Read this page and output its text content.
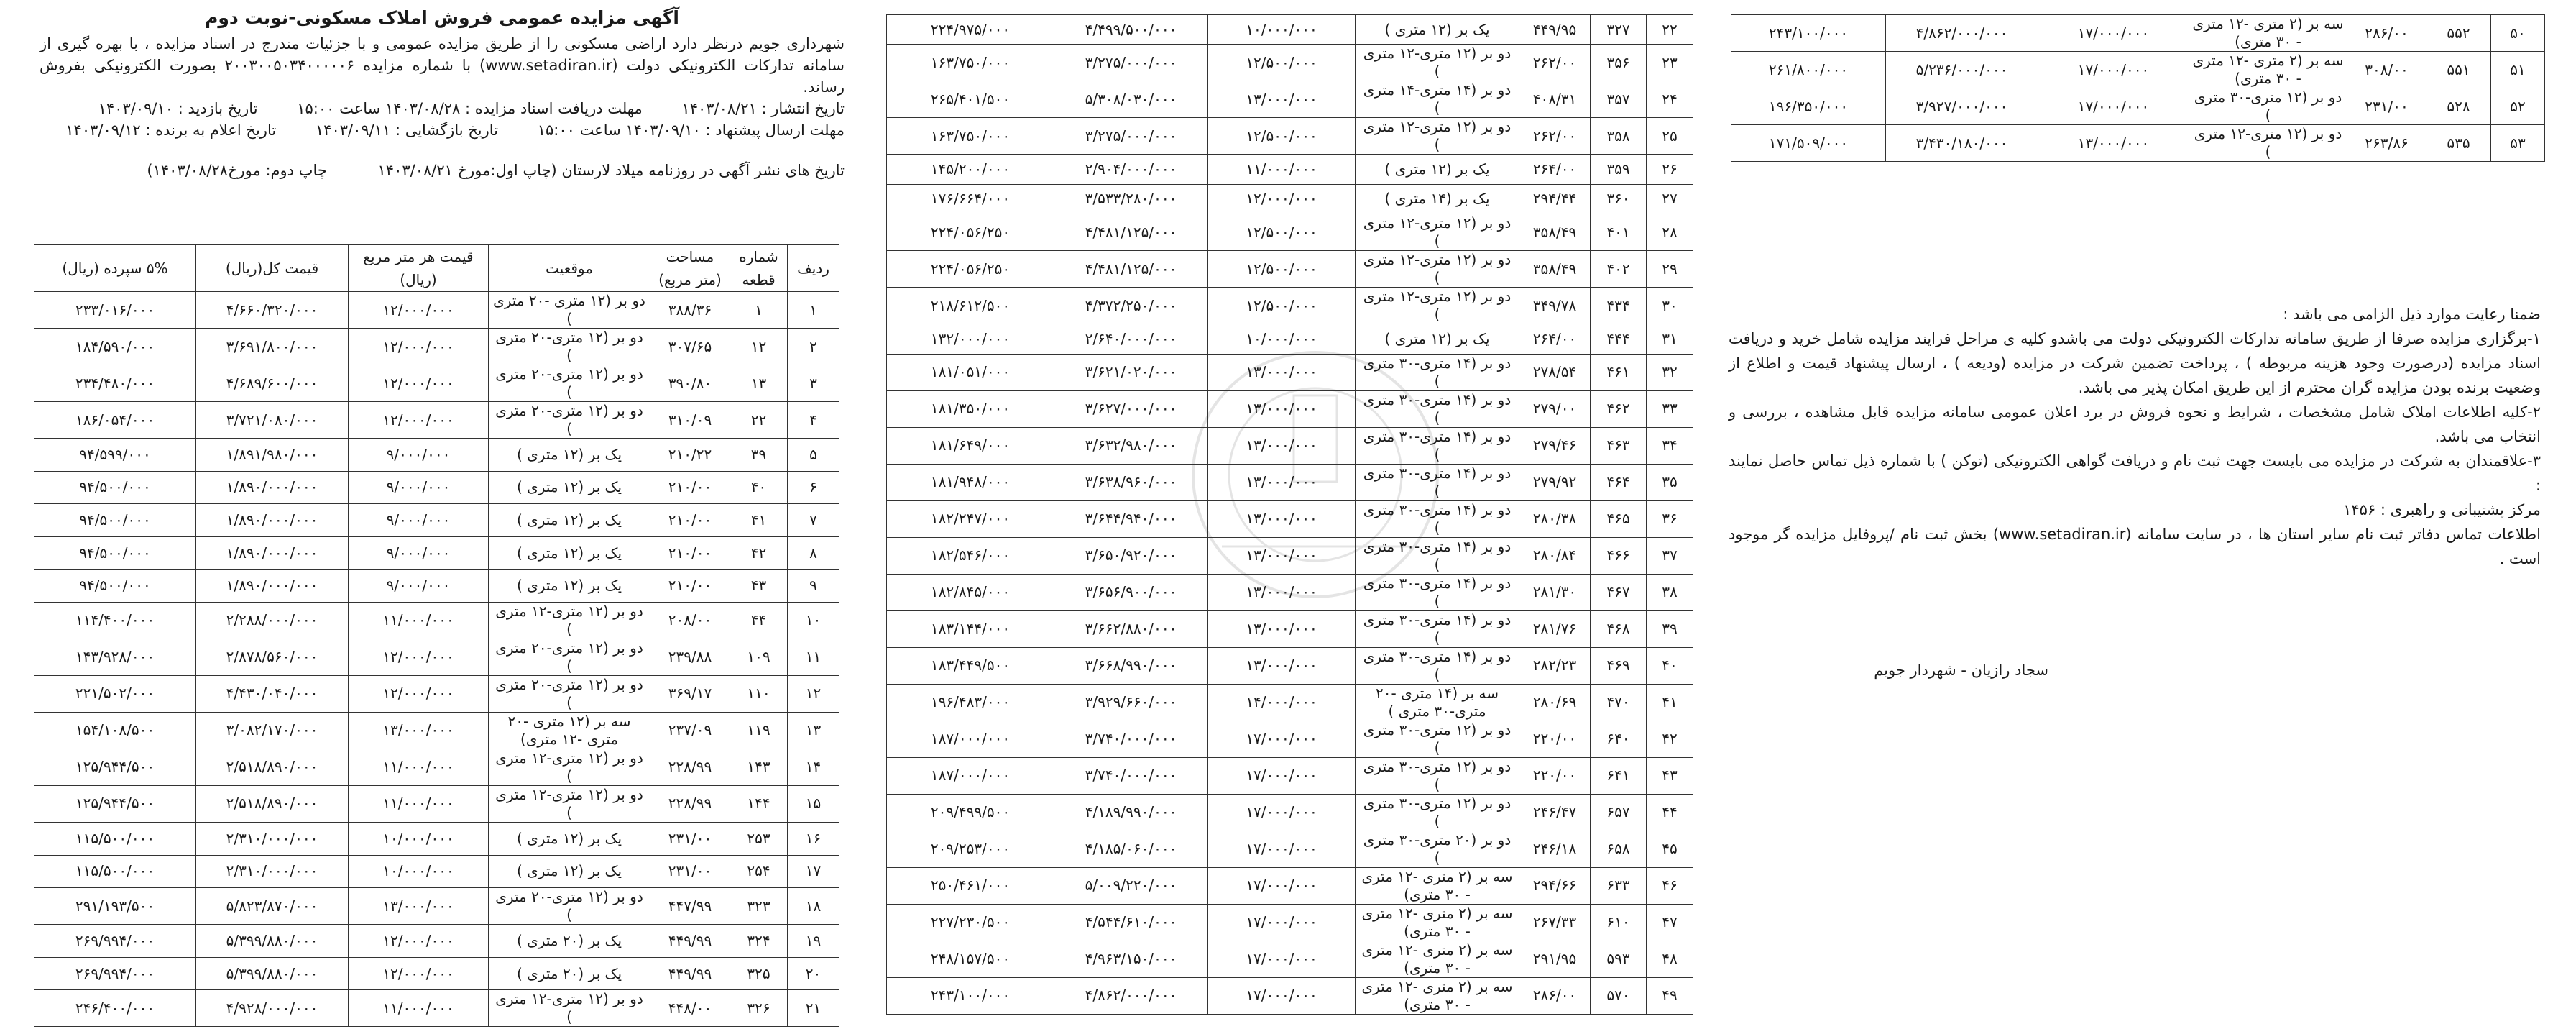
آگهی مزایده عمومی فروش املاک مسکونی-نوبت دوم
شهرداری جویم درنظر دارد اراضی مسکونی را از طریق مزایده عمومی و با جزئیات مندرج در اسناد مزایده ، با بهره گیری از سامانه تدارکات الکترونیکی دولت (www.setadiran.ir) با شماره مزایده ۲۰۰۳۰۰۵۰۳۴۰۰۰۰۰۶ بصورت الکترونیکی بفروش رساند.
تاریخ انتشار : ۱۴۰۳/۰۸/۲۱ مهلت دریافت اسناد مزایده : ۱۴۰۳/۰۸/۲۸ ساعت ۱۵:۰۰ تاریخ بازدید : ۱۴۰۳/۰۹/۱۰
مهلت ارسال پیشنهاد : ۱۴۰۳/۰۹/۱۰ ساعت ۱۵:۰۰ تاریخ بازگشایی : ۱۴۰۳/۰۹/۱۱ تاریخ اعلام به برنده : ۱۴۰۳/۰۹/۱۲
تاریخ های نشر آگهی در روزنامه میلاد لارستان (چاپ اول:مورخ ۱۴۰۳/۰۸/۲۱ چاپ دوم: مورخ۱۴۰۳/۰۸/۲۸)
ردیف	شماره قطعه	مساحت (متر مربع)	موقعیت	قیمت هر متر مربع (ریال)	قیمت کل(ریال)	۵% سپرده (ریال)
۱	۱	۳۸۸/۳۶	دو بر (۱۲ متری -۲۰ متری )	۱۲/۰۰۰/۰۰۰	۴/۶۶۰/۳۲۰/۰۰۰	۲۳۳/۰۱۶/۰۰۰
۲	۱۲	۳۰۷/۶۵	دو بر (۱۲ متری-۲۰ متری )	۱۲/۰۰۰/۰۰۰	۳/۶۹۱/۸۰۰/۰۰۰	۱۸۴/۵۹۰/۰۰۰
۳	۱۳	۳۹۰/۸۰	دو بر (۱۲ متری-۲۰ متری )	۱۲/۰۰۰/۰۰۰	۴/۶۸۹/۶۰۰/۰۰۰	۲۳۴/۴۸۰/۰۰۰
۴	۲۲	۳۱۰/۰۹	دو بر (۱۲ متری-۲۰ متری )	۱۲/۰۰۰/۰۰۰	۳/۷۲۱/۰۸۰/۰۰۰	۱۸۶/۰۵۴/۰۰۰
۵	۳۹	۲۱۰/۲۲	یک بر (۱۲ متری )	۹/۰۰۰/۰۰۰	۱/۸۹۱/۹۸۰/۰۰۰	۹۴/۵۹۹/۰۰۰
۶	۴۰	۲۱۰/۰۰	یک بر (۱۲ متری )	۹/۰۰۰/۰۰۰	۱/۸۹۰/۰۰۰/۰۰۰	۹۴/۵۰۰/۰۰۰
۷	۴۱	۲۱۰/۰۰	یک بر (۱۲ متری )	۹/۰۰۰/۰۰۰	۱/۸۹۰/۰۰۰/۰۰۰	۹۴/۵۰۰/۰۰۰
۸	۴۲	۲۱۰/۰۰	یک بر (۱۲ متری )	۹/۰۰۰/۰۰۰	۱/۸۹۰/۰۰۰/۰۰۰	۹۴/۵۰۰/۰۰۰
۹	۴۳	۲۱۰/۰۰	یک بر (۱۲ متری )	۹/۰۰۰/۰۰۰	۱/۸۹۰/۰۰۰/۰۰۰	۹۴/۵۰۰/۰۰۰
۱۰	۴۴	۲۰۸/۰۰	دو بر (۱۲ متری-۱۲ متری )	۱۱/۰۰۰/۰۰۰	۲/۲۸۸/۰۰۰/۰۰۰	۱۱۴/۴۰۰/۰۰۰
۱۱	۱۰۹	۲۳۹/۸۸	دو بر (۱۲ متری-۲۰ متری )	۱۲/۰۰۰/۰۰۰	۲/۸۷۸/۵۶۰/۰۰۰	۱۴۳/۹۲۸/۰۰۰
۱۲	۱۱۰	۳۶۹/۱۷	دو بر (۱۲ متری-۲۰ متری )	۱۲/۰۰۰/۰۰۰	۴/۴۳۰/۰۴۰/۰۰۰	۲۲۱/۵۰۲/۰۰۰
۱۳	۱۱۹	۲۳۷/۰۹	سه بر (۱۲ متری -۲۰ متری -۱۲ متری)	۱۳/۰۰۰/۰۰۰	۳/۰۸۲/۱۷۰/۰۰۰	۱۵۴/۱۰۸/۵۰۰
۱۴	۱۴۳	۲۲۸/۹۹	دو بر (۱۲ متری-۱۲ متری )	۱۱/۰۰۰/۰۰۰	۲/۵۱۸/۸۹۰/۰۰۰	۱۲۵/۹۴۴/۵۰۰
۱۵	۱۴۴	۲۲۸/۹۹	دو بر (۱۲ متری-۱۲ متری )	۱۱/۰۰۰/۰۰۰	۲/۵۱۸/۸۹۰/۰۰۰	۱۲۵/۹۴۴/۵۰۰
۱۶	۲۵۳	۲۳۱/۰۰	یک بر (۱۲ متری )	۱۰/۰۰۰/۰۰۰	۲/۳۱۰/۰۰۰/۰۰۰	۱۱۵/۵۰۰/۰۰۰
۱۷	۲۵۴	۲۳۱/۰۰	یک بر (۱۲ متری )	۱۰/۰۰۰/۰۰۰	۲/۳۱۰/۰۰۰/۰۰۰	۱۱۵/۵۰۰/۰۰۰
۱۸	۳۲۳	۴۴۷/۹۹	دو بر (۱۲ متری-۲۰ متری )	۱۳/۰۰۰/۰۰۰	۵/۸۲۳/۸۷۰/۰۰۰	۲۹۱/۱۹۳/۵۰۰
۱۹	۳۲۴	۴۴۹/۹۹	یک بر (۲۰ متری )	۱۲/۰۰۰/۰۰۰	۵/۳۹۹/۸۸۰/۰۰۰	۲۶۹/۹۹۴/۰۰۰
۲۰	۳۲۵	۴۴۹/۹۹	یک بر (۲۰ متری )	۱۲/۰۰۰/۰۰۰	۵/۳۹۹/۸۸۰/۰۰۰	۲۶۹/۹۹۴/۰۰۰
۲۱	۳۲۶	۴۴۸/۰۰	دو بر (۱۲ متری-۱۲ متری )	۱۱/۰۰۰/۰۰۰	۴/۹۲۸/۰۰۰/۰۰۰	۲۴۶/۴۰۰/۰۰۰
۲۲	۳۲۷	۴۴۹/۹۵	یک بر (۱۲ متری )	۱۰/۰۰۰/۰۰۰	۴/۴۹۹/۵۰۰/۰۰۰	۲۲۴/۹۷۵/۰۰۰
۲۳	۳۵۶	۲۶۲/۰۰	دو بر (۱۲ متری-۱۲ متری )	۱۲/۵۰۰/۰۰۰	۳/۲۷۵/۰۰۰/۰۰۰	۱۶۳/۷۵۰/۰۰۰
۲۴	۳۵۷	۴۰۸/۳۱	دو بر (۱۴ متری-۱۴ متری )	۱۳/۰۰۰/۰۰۰	۵/۳۰۸/۰۳۰/۰۰۰	۲۶۵/۴۰۱/۵۰۰
۲۵	۳۵۸	۲۶۲/۰۰	دو بر (۱۲ متری-۱۲ متری )	۱۲/۵۰۰/۰۰۰	۳/۲۷۵/۰۰۰/۰۰۰	۱۶۳/۷۵۰/۰۰۰
۲۶	۳۵۹	۲۶۴/۰۰	یک بر (۱۲ متری )	۱۱/۰۰۰/۰۰۰	۲/۹۰۴/۰۰۰/۰۰۰	۱۴۵/۲۰۰/۰۰۰
۲۷	۳۶۰	۲۹۴/۴۴	یک بر (۱۴ متری )	۱۲/۰۰۰/۰۰۰	۳/۵۳۳/۲۸۰/۰۰۰	۱۷۶/۶۶۴/۰۰۰
۲۸	۴۰۱	۳۵۸/۴۹	دو بر (۱۲ متری-۱۲ متری )	۱۲/۵۰۰/۰۰۰	۴/۴۸۱/۱۲۵/۰۰۰	۲۲۴/۰۵۶/۲۵۰
۲۹	۴۰۲	۳۵۸/۴۹	دو بر (۱۲ متری-۱۲ متری )	۱۲/۵۰۰/۰۰۰	۴/۴۸۱/۱۲۵/۰۰۰	۲۲۴/۰۵۶/۲۵۰
۳۰	۴۳۴	۳۴۹/۷۸	دو بر (۱۲ متری-۱۲ متری )	۱۲/۵۰۰/۰۰۰	۴/۳۷۲/۲۵۰/۰۰۰	۲۱۸/۶۱۲/۵۰۰
۳۱	۴۴۴	۲۶۴/۰۰	یک بر (۱۲ متری )	۱۰/۰۰۰/۰۰۰	۲/۶۴۰/۰۰۰/۰۰۰	۱۳۲/۰۰۰/۰۰۰
۳۲	۴۶۱	۲۷۸/۵۴	دو بر (۱۴ متری-۳۰ متری )	۱۳/۰۰۰/۰۰۰	۳/۶۲۱/۰۲۰/۰۰۰	۱۸۱/۰۵۱/۰۰۰
۳۳	۴۶۲	۲۷۹/۰۰	دو بر (۱۴ متری-۳۰ متری )	۱۳/۰۰۰/۰۰۰	۳/۶۲۷/۰۰۰/۰۰۰	۱۸۱/۳۵۰/۰۰۰
۳۴	۴۶۳	۲۷۹/۴۶	دو بر (۱۴ متری-۳۰ متری )	۱۳/۰۰۰/۰۰۰	۳/۶۳۲/۹۸۰/۰۰۰	۱۸۱/۶۴۹/۰۰۰
۳۵	۴۶۴	۲۷۹/۹۲	دو بر (۱۴ متری-۳۰ متری )	۱۳/۰۰۰/۰۰۰	۳/۶۳۸/۹۶۰/۰۰۰	۱۸۱/۹۴۸/۰۰۰
۳۶	۴۶۵	۲۸۰/۳۸	دو بر (۱۴ متری-۳۰ متری )	۱۳/۰۰۰/۰۰۰	۳/۶۴۴/۹۴۰/۰۰۰	۱۸۲/۲۴۷/۰۰۰
۳۷	۴۶۶	۲۸۰/۸۴	دو بر (۱۴ متری-۳۰ متری )	۱۳/۰۰۰/۰۰۰	۳/۶۵۰/۹۲۰/۰۰۰	۱۸۲/۵۴۶/۰۰۰
۳۸	۴۶۷	۲۸۱/۳۰	دو بر (۱۴ متری-۳۰ متری )	۱۳/۰۰۰/۰۰۰	۳/۶۵۶/۹۰۰/۰۰۰	۱۸۲/۸۴۵/۰۰۰
۳۹	۴۶۸	۲۸۱/۷۶	دو بر (۱۴ متری-۳۰ متری )	۱۳/۰۰۰/۰۰۰	۳/۶۶۲/۸۸۰/۰۰۰	۱۸۳/۱۴۴/۰۰۰
۴۰	۴۶۹	۲۸۲/۲۳	دو بر (۱۴ متری-۳۰ متری )	۱۳/۰۰۰/۰۰۰	۳/۶۶۸/۹۹۰/۰۰۰	۱۸۳/۴۴۹/۵۰۰
۴۱	۴۷۰	۲۸۰/۶۹	سه بر (۱۴ متری -۲۰ متری-۳۰ متری )	۱۴/۰۰۰/۰۰۰	۳/۹۲۹/۶۶۰/۰۰۰	۱۹۶/۴۸۳/۰۰۰
۴۲	۶۴۰	۲۲۰/۰۰	دو بر (۱۲ متری-۳۰ متری )	۱۷/۰۰۰/۰۰۰	۳/۷۴۰/۰۰۰/۰۰۰	۱۸۷/۰۰۰/۰۰۰
۴۳	۶۴۱	۲۲۰/۰۰	دو بر (۱۲ متری-۳۰ متری )	۱۷/۰۰۰/۰۰۰	۳/۷۴۰/۰۰۰/۰۰۰	۱۸۷/۰۰۰/۰۰۰
۴۴	۶۵۷	۲۴۶/۴۷	دو بر (۱۲ متری-۳۰ متری )	۱۷/۰۰۰/۰۰۰	۴/۱۸۹/۹۹۰/۰۰۰	۲۰۹/۴۹۹/۵۰۰
۴۵	۶۵۸	۲۴۶/۱۸	دو بر (۲۰ متری-۳۰ متری )	۱۷/۰۰۰/۰۰۰	۴/۱۸۵/۰۶۰/۰۰۰	۲۰۹/۲۵۳/۰۰۰
۴۶	۶۳۳	۲۹۴/۶۶	سه بر (۲ متری -۱۲ متری - ۳۰ متری)	۱۷/۰۰۰/۰۰۰	۵/۰۰۹/۲۲۰/۰۰۰	۲۵۰/۴۶۱/۰۰۰
۴۷	۶۱۰	۲۶۷/۳۳	سه بر (۲ متری -۱۲ متری - ۳۰ متری)	۱۷/۰۰۰/۰۰۰	۴/۵۴۴/۶۱۰/۰۰۰	۲۲۷/۲۳۰/۵۰۰
۴۸	۵۹۳	۲۹۱/۹۵	سه بر (۲ متری -۱۲ متری - ۳۰ متری)	۱۷/۰۰۰/۰۰۰	۴/۹۶۳/۱۵۰/۰۰۰	۲۴۸/۱۵۷/۵۰۰
۴۹	۵۷۰	۲۸۶/۰۰	سه بر (۲ متری -۱۲ متری - ۳۰ متری)	۱۷/۰۰۰/۰۰۰	۴/۸۶۲/۰۰۰/۰۰۰	۲۴۳/۱۰۰/۰۰۰
۵۰	۵۵۲	۲۸۶/۰۰	سه بر (۲ متری -۱۲ متری - ۳۰ متری)	۱۷/۰۰۰/۰۰۰	۴/۸۶۲/۰۰۰/۰۰۰	۲۴۳/۱۰۰/۰۰۰
۵۱	۵۵۱	۳۰۸/۰۰	سه بر (۲ متری -۱۲ متری - ۳۰ متری)	۱۷/۰۰۰/۰۰۰	۵/۲۳۶/۰۰۰/۰۰۰	۲۶۱/۸۰۰/۰۰۰
۵۲	۵۲۸	۲۳۱/۰۰	دو بر (۱۲ متری-۳۰ متری )	۱۷/۰۰۰/۰۰۰	۳/۹۲۷/۰۰۰/۰۰۰	۱۹۶/۳۵۰/۰۰۰
۵۳	۵۳۵	۲۶۳/۸۶	دو بر (۱۲ متری-۱۲ متری )	۱۳/۰۰۰/۰۰۰	۳/۴۳۰/۱۸۰/۰۰۰	۱۷۱/۵۰۹/۰۰۰

ضمنا رعایت موارد ذیل الزامی می باشد :

۱-برگزاری مزایده صرفا از طریق سامانه تدارکات الکترونیکی دولت می باشدو کلیه ی مراحل فرایند مزایده شامل خرید و دریافت اسناد مزایده (درصورت وجود هزینه مربوطه ) ، پرداخت تضمین شرکت در مزایده (ودیعه ) ، ارسال پیشنهاد قیمت و اطلاع از وضعیت برنده بودن مزایده گران محترم از این طریق امکان پذیر می باشد.

۲-کلیه اطلاعات املاک شامل مشخصات ، شرایط و نحوه فروش در برد اعلان عمومی سامانه مزایده قابل مشاهده ، بررسی و انتخاب می باشد.

۳-علاقمندان به شرکت در مزایده می بایست جهت ثبت نام و دریافت گواهی الکترونیکی (توکن ) با شماره ذیل تماس حاصل نمایند :

مرکز پشتیبانی و راهبری : ۱۴۵۶

اطلاعات تماس دفاتر ثبت نام سایر استان ها ، در سایت سامانه (www.setadiran.ir) بخش ثبت نام /پروفایل مزایده گر موجود است .

سجاد رازیان - شهردار جویم
